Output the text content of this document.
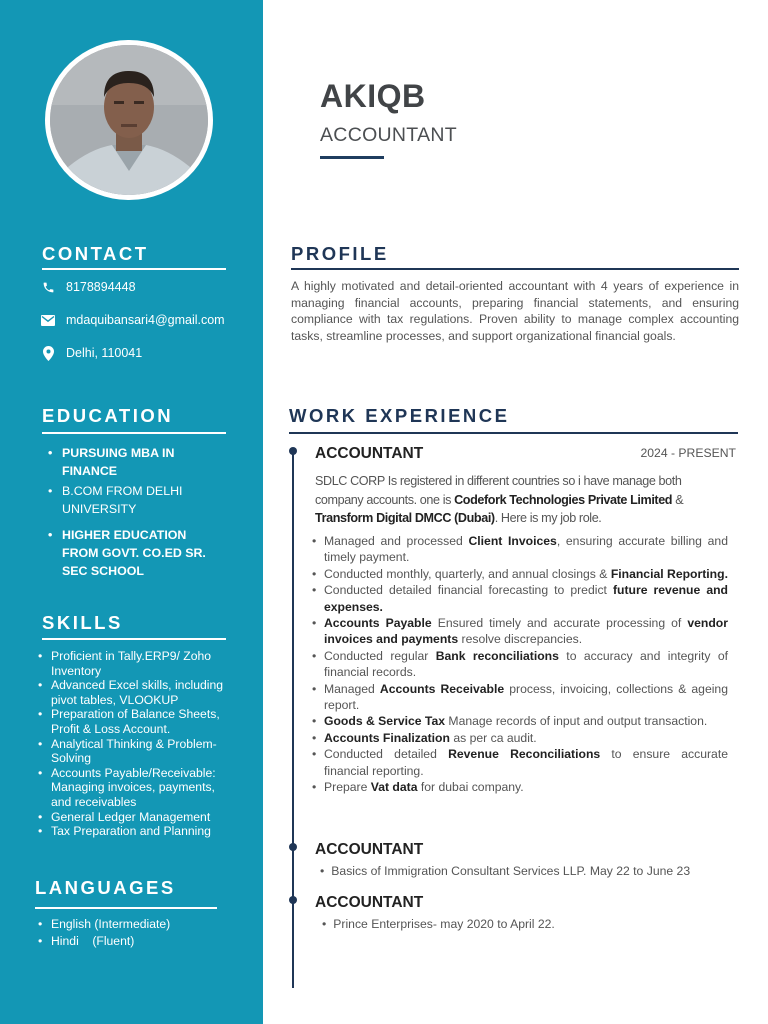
CONTACT
8178894448
mdaquibansari4@gmail.com
Delhi, 110041
EDUCATION
• PURSUING MBA IN FINANCE
• B.COM FROM DELHI UNIVERSITY
• HIGHER EDUCATION FROM GOVT. CO.ED SR. SEC SCHOOL
SKILLS
• Proficient in Tally.ERP9/ Zoho Inventory
• Advanced Excel skills, including pivot tables, VLOOKUP
• Preparation of Balance Sheets, Profit & Loss Account.
• Analytical Thinking & Problem-Solving
• Accounts Payable/Receivable: Managing invoices, payments, and receivables
• General Ledger Management
• Tax Preparation and Planning
LANGUAGES
• English (Intermediate)
• Hindi    (Fluent)
AKIQB
ACCOUNTANT
PROFILE
A highly motivated and detail-oriented accountant with 4 years of experience in managing financial accounts, preparing financial statements, and ensuring compliance with tax regulations. Proven ability to manage complex accounting tasks, streamline processes, and support organizational financial goals.
WORK EXPERIENCE
ACCOUNTANT	2024 - PRESENT
SDLC CORP Is registered in different countries so i have manage both company accounts. one is Codefork Technologies Private Limited & Transform Digital DMCC (Dubai). Here is my job role.
• Managed and processed Client Invoices, ensuring accurate billing and timely payment.
• Conducted monthly, quarterly, and annual closings & Financial Reporting.
• Conducted detailed financial forecasting to predict future revenue and expenses.
• Accounts Payable Ensured timely and accurate processing of vendor invoices and payments resolve discrepancies.
• Conducted regular Bank reconciliations to accuracy and integrity of financial records.
• Managed Accounts Receivable process, invoicing, collections & ageing report.
• Goods & Service Tax Manage records of input and output transaction.
• Accounts Finalization as per ca audit.
• Conducted detailed Revenue Reconciliations to ensure accurate financial reporting.
• Prepare Vat data for dubai company.
ACCOUNTANT
• Basics of Immigration Consultant Services LLP. May 22 to June 23
ACCOUNTANT
• Prince Enterprises- may 2020 to April 22.
